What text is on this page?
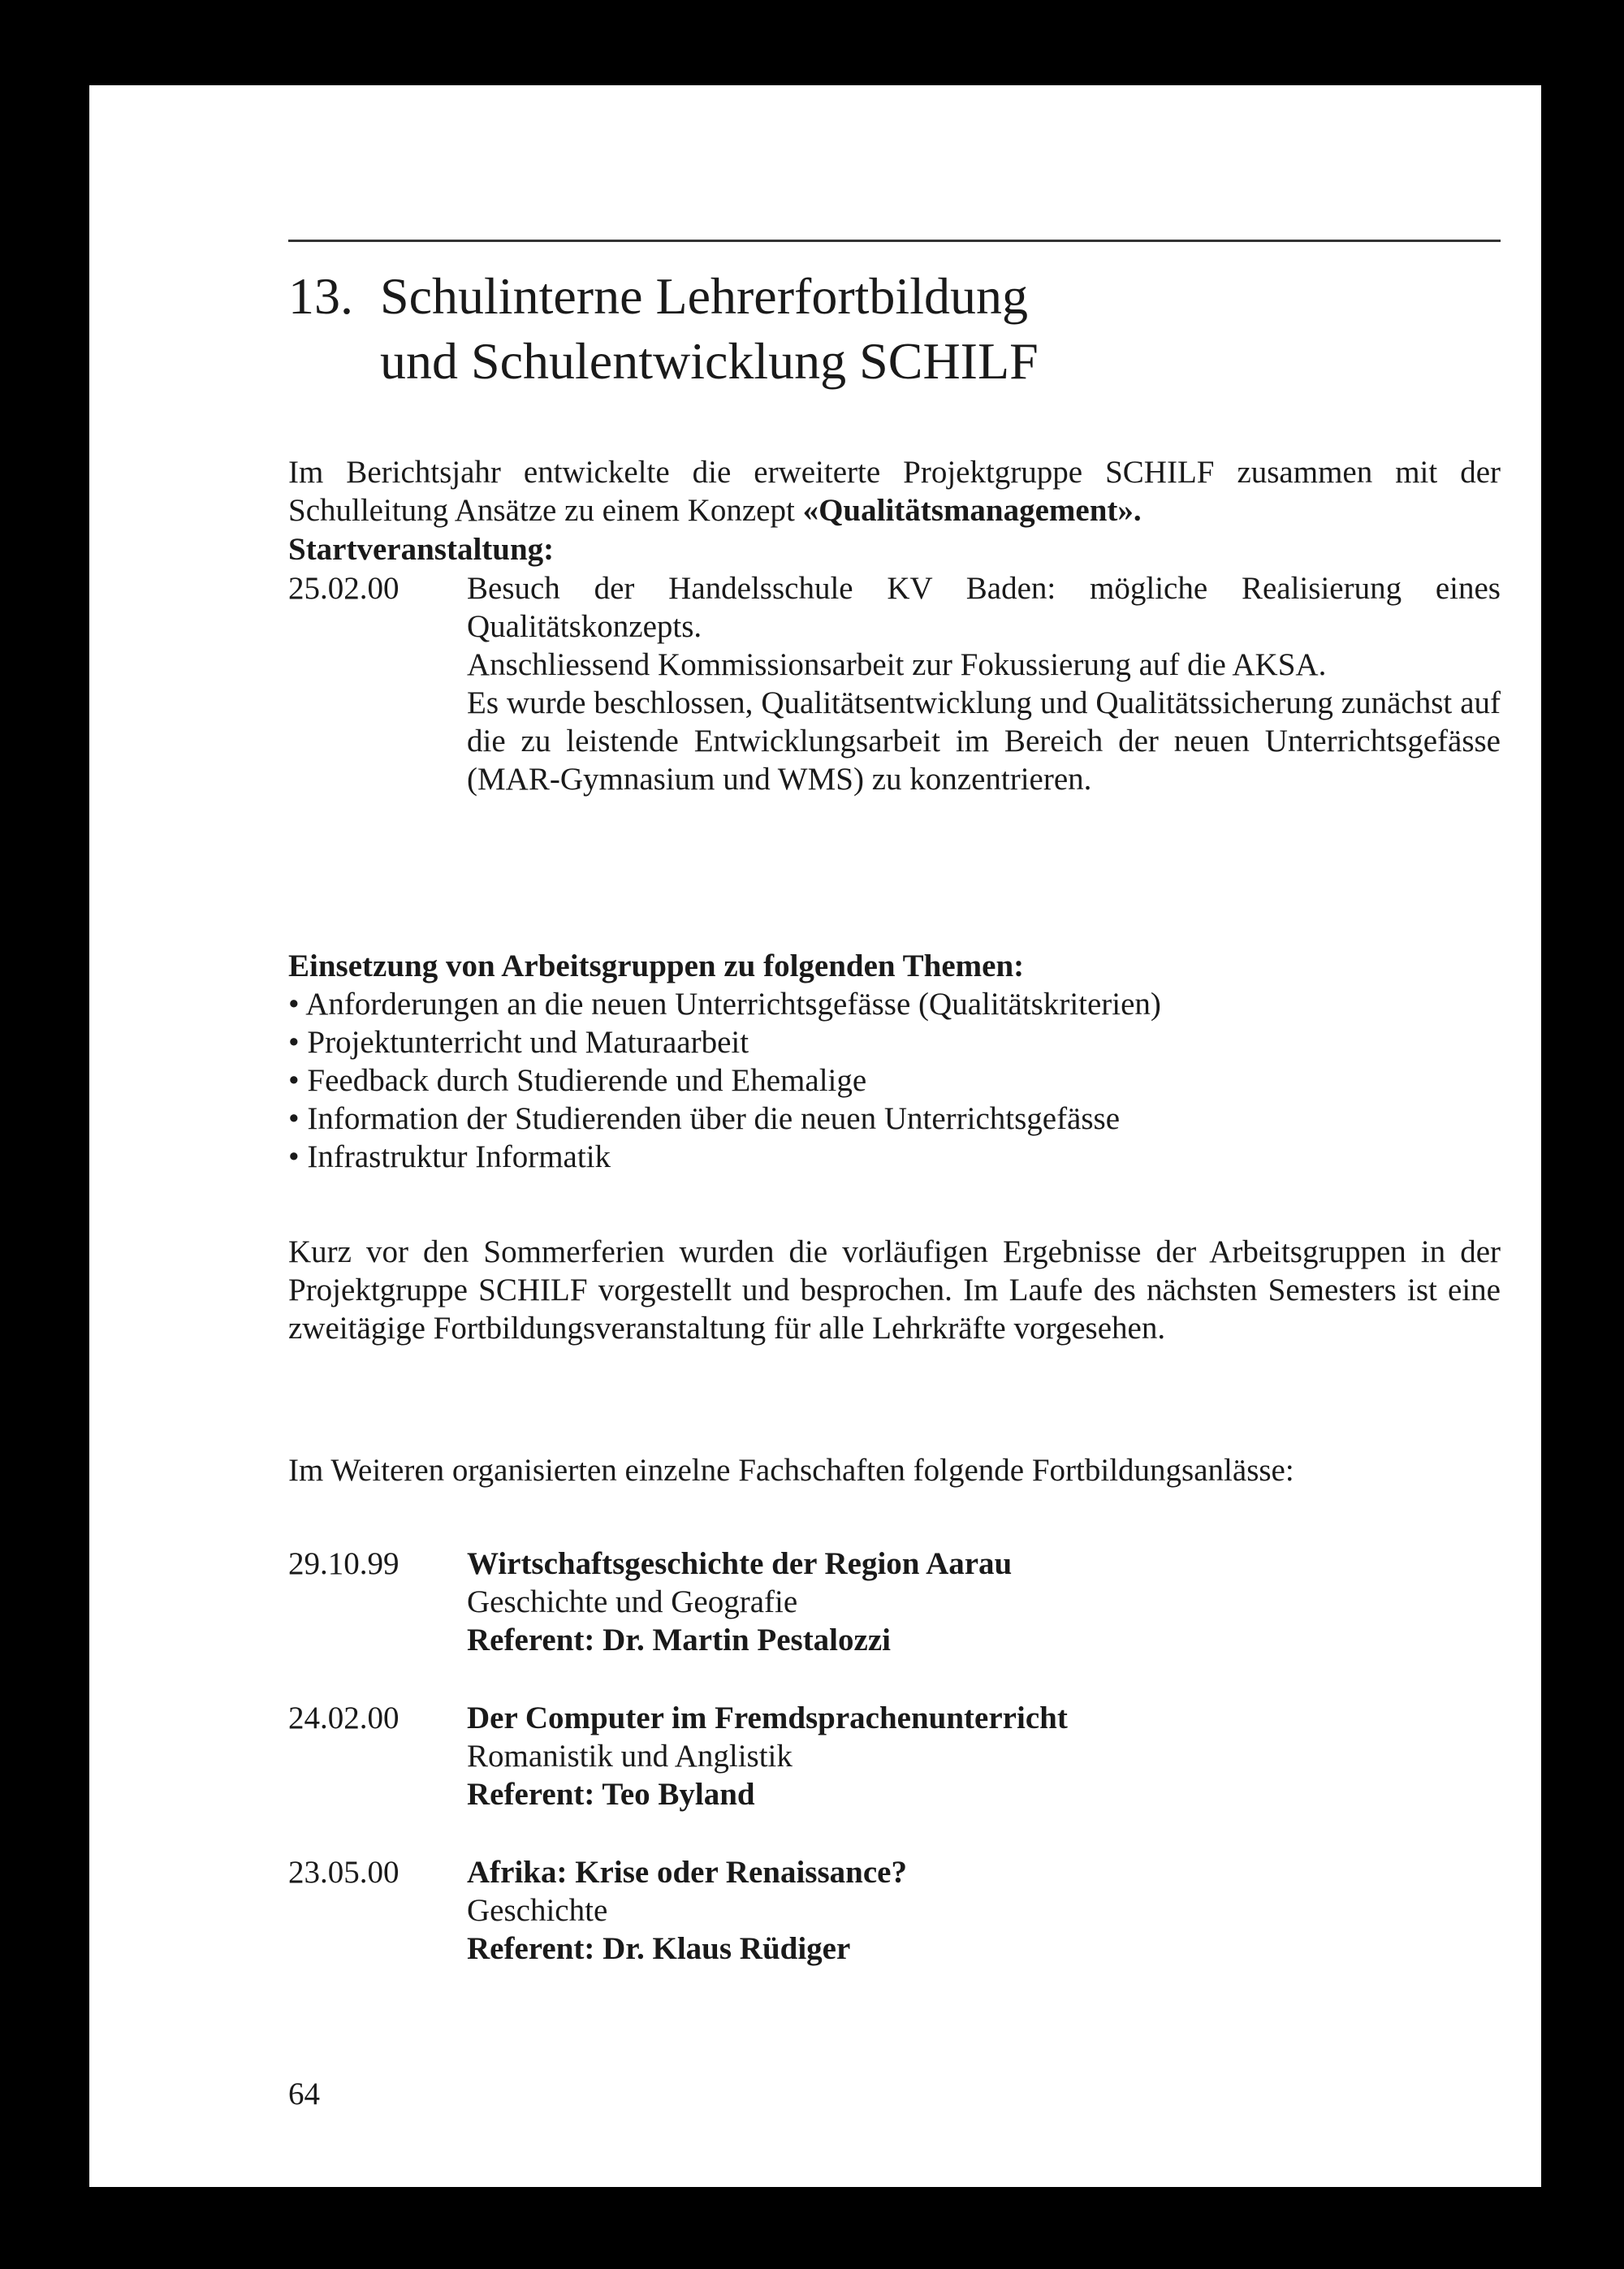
13. Schulinterne Lehrerfortbildung
und Schulentwicklung SCHILF

Im Berichtsjahr entwickelte die erweiterte Projektgruppe SCHILF zusammen mit der Schulleitung Ansätze zu einem Konzept «Qualitätsmanagement».

Startveranstaltung:

25.02.00 Besuch der Handelsschule KV Baden: mögliche Realisierung eines Qualitätskonzepts.

Anschliessend Kommissionsarbeit zur Fokussierung auf die AKSA.

Es wurde beschlossen, Qualitätsentwicklung und Qualitätssicherung zunächst auf die zu leistende Entwicklungsarbeit im Bereich der neuen Unterrichtsgefässe (MAR-Gymnasium und WMS) zu konzentrieren.

Einsetzung von Arbeitsgruppen zu folgenden Themen:

• Anforderungen an die neuen Unterrichtsgefässe (Qualitätskriterien)
• Projektunterricht und Maturaarbeit
• Feedback durch Studierende und Ehemalige
• Information der Studierenden über die neuen Unterrichtsgefässe
• Infrastruktur Informatik

Kurz vor den Sommerferien wurden die vorläufigen Ergebnisse der Arbeitsgruppen in der Projektgruppe SCHILF vorgestellt und besprochen. Im Laufe des nächsten Semesters ist eine zweitägige Fortbildungsveranstaltung für alle Lehrkräfte vorgesehen.

Im Weiteren organisierten einzelne Fachschaften folgende Fortbildungsanlässe:
29.10.99 Wirtschaftsgeschichte der Region Aarau
Geschichte und Geografie
Referent: Dr. Martin Pestalozzi
24.02.00 Der Computer im Fremdsprachenunterricht
Romanistik und Anglistik
Referent: Teo Byland
23.05.00 Afrika: Krise oder Renaissance?
Geschichte
Referent: Dr. Klaus Rüdiger
64
